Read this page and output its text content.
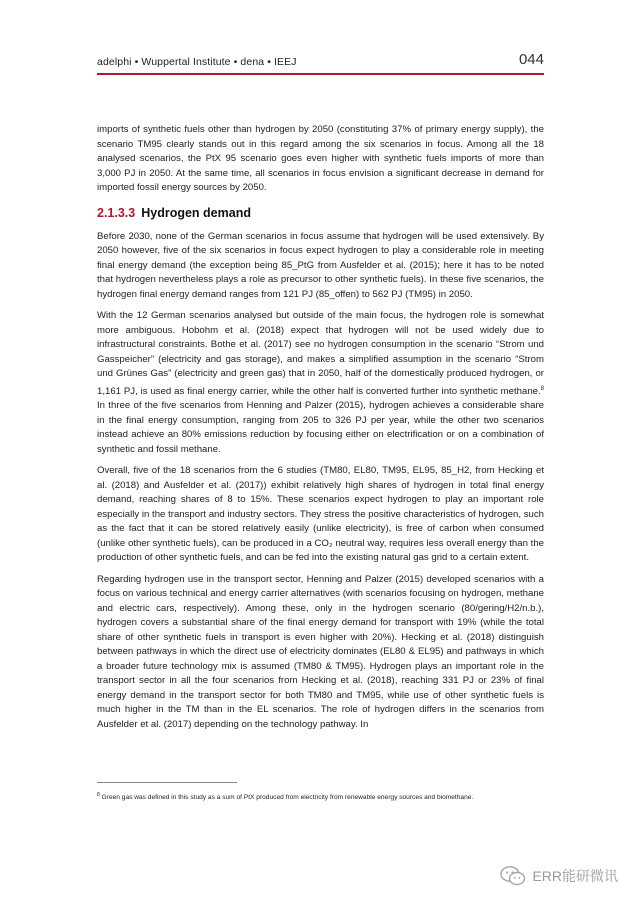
adelphi • Wuppertal Institute • dena • IEEJ	044

imports of synthetic fuels other than hydrogen by 2050 (constituting 37% of primary energy supply), the scenario TM95 clearly stands out in this regard among the six scenarios in focus. Among all the 18 analysed scenarios, the PtX 95 scenario goes even higher with synthetic fuels imports of more than 3,000 PJ in 2050. At the same time, all scenarios in focus envision a significant decrease in demand for imported fossil energy sources by 2050.

2.1.3.3 Hydrogen demand

Before 2030, none of the German scenarios in focus assume that hydrogen will be used extensively. By 2050 however, five of the six scenarios in focus expect hydrogen to play a considerable role in meeting final energy demand (the exception being 85_PtG from Ausfelder et al. (2015); here it has to be noted that hydrogen nevertheless plays a role as precursor to other synthetic fuels). In these five scenarios, the hydrogen final energy demand ranges from 121 PJ (85_offen) to 562 PJ (TM95) in 2050.

With the 12 German scenarios analysed but outside of the main focus, the hydrogen role is somewhat more ambiguous. Hobohm et al. (2018) expect that hydrogen will not be used widely due to infrastructural constraints. Bothe et al. (2017) see no hydrogen consumption in the scenario “Strom und Gasspeicher” (electricity and gas storage), and makes a simplified assumption in the scenario “Strom und Grünes Gas” (electricity and green gas) that in 2050, half of the domestically produced hydrogen, or 1,161 PJ, is used as final energy carrier, while the other half is converted further into synthetic methane.$^8$ In three of the five scenarios from Henning and Palzer (2015), hydrogen achieves a considerable share in the final energy consumption, ranging from 205 to 326 PJ per year, while the other two scenarios instead achieve an 80% emissions reduction by focusing either on electrification or on a combination of synthetic and fossil methane.

Overall, five of the 18 scenarios from the 6 studies (TM80, EL80, TM95, EL95, 85_H2, from Hecking et al. (2018) and Ausfelder et al. (2017)) exhibit relatively high shares of hydrogen in total final energy demand, reaching shares of 8 to 15%. These scenarios expect hydrogen to play an important role especially in the transport and industry sectors. They stress the positive characteristics of hydrogen, such as the fact that it can be stored relatively easily (unlike electricity), is free of carbon when consumed (unlike other synthetic fuels), can be produced in a CO₂ neutral way, requires less overall energy than the production of other synthetic fuels, and can be fed into the existing natural gas grid to a certain extent.

Regarding hydrogen use in the transport sector, Henning and Palzer (2015) developed scenarios with a focus on various technical and energy carrier alternatives (with scenarios focusing on hydrogen, methane and electric cars, respectively). Among these, only in the hydrogen scenario (80/gering/H2/n.b.), hydrogen covers a substantial share of the final energy demand for transport with 19% (while the total share of other synthetic fuels in transport is even higher with 20%). Hecking et al. (2018) distinguish between pathways in which the direct use of electricity dominates (EL80 & EL95) and pathways in which a broader future technology mix is assumed (TM80 & TM95). Hydrogen plays an important role in the transport sector in all the four scenarios from Hecking et al. (2018), reaching 331 PJ or 23% of final energy demand in the transport sector for both TM80 and TM95, while use of other synthetic fuels is much higher in the TM than in the EL scenarios. The role of hydrogen differs in the scenarios from Ausfelder et al. (2017) depending on the technology pathway. In

$^8$ Green gas was defined in this study as a sum of PtX produced from electricity from renewable energy sources and biomethane.
ERR能研微讯
